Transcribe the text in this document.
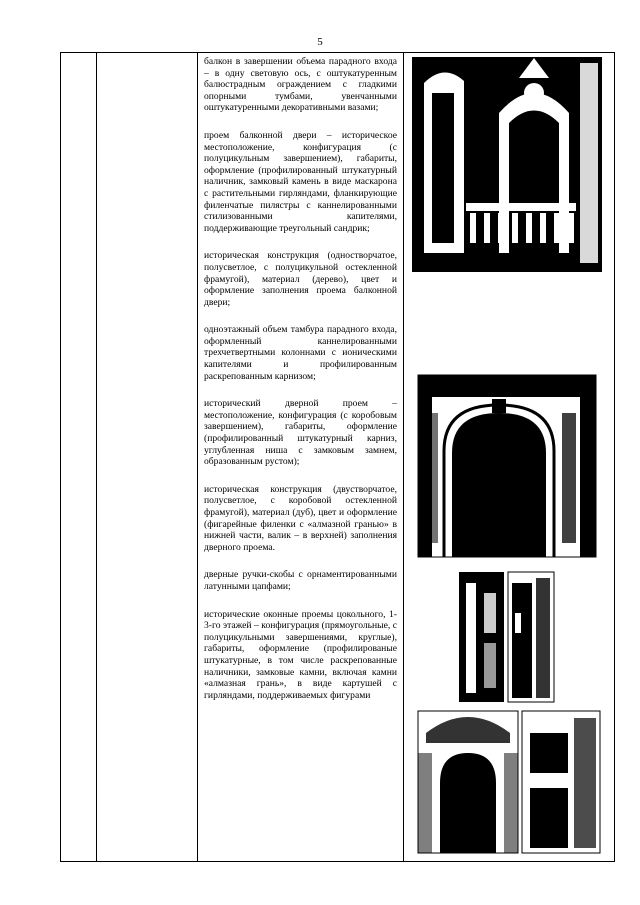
5

балкон в завершении объема парадного входа – в одну световую ось, с оштукатуренным балюстрадным ограждением с гладкими опорными тумбами, увенчанными оштукатуренными декоративными вазами;
проем балконной двери – историческое местоположение, конфигурация (с полуцикульным завершением), габариты, оформление (профилированный штукатурный наличник, замковый камень в виде маскарона с растительными гирляндами, фланкирующие филенчатые пилястры с каннелированными стилизованными капителями, поддерживающие треугольный сандрик;
историческая конструкция (одностворчатое, полусветлое, с полуцикульной остекленной фрамугой), материал (дерево), цвет и оформление заполнения проема балконной двери;
одноэтажный объем тамбура парадного входа, оформленный каннелированными трехчетвертными колоннами с ионическими капителями и профилированным раскрепованным карнизом;
исторический дверной проем – местоположение, конфигурация (с коробовым завершением), габариты, оформление (профилированный штукатурный карниз, углубленная ниша с замковым замнем, образованным рустом);
историческая конструкция (двустворчатое, полусветлое, с коробовой остекленной фрамугой), материал (дуб), цвет и оформление (фигарейные филенки с «алмазной гранью» в нижней части, валик – в верхней) заполнения дверного проема.
дверные ручки-скобы с орнаментированными латунными цапфами;
исторические оконные проемы цокольного, 1-3-го этажей – конфигурация (прямоугольные, с полуцикульными завершениями, круглые), габариты, оформление (профилированые штукатурные, в том числе раскрепованные наличники, замковые камни, включая камни «алмазная грань», в виде картушей с гирляндами, поддерживаемых фигурами
